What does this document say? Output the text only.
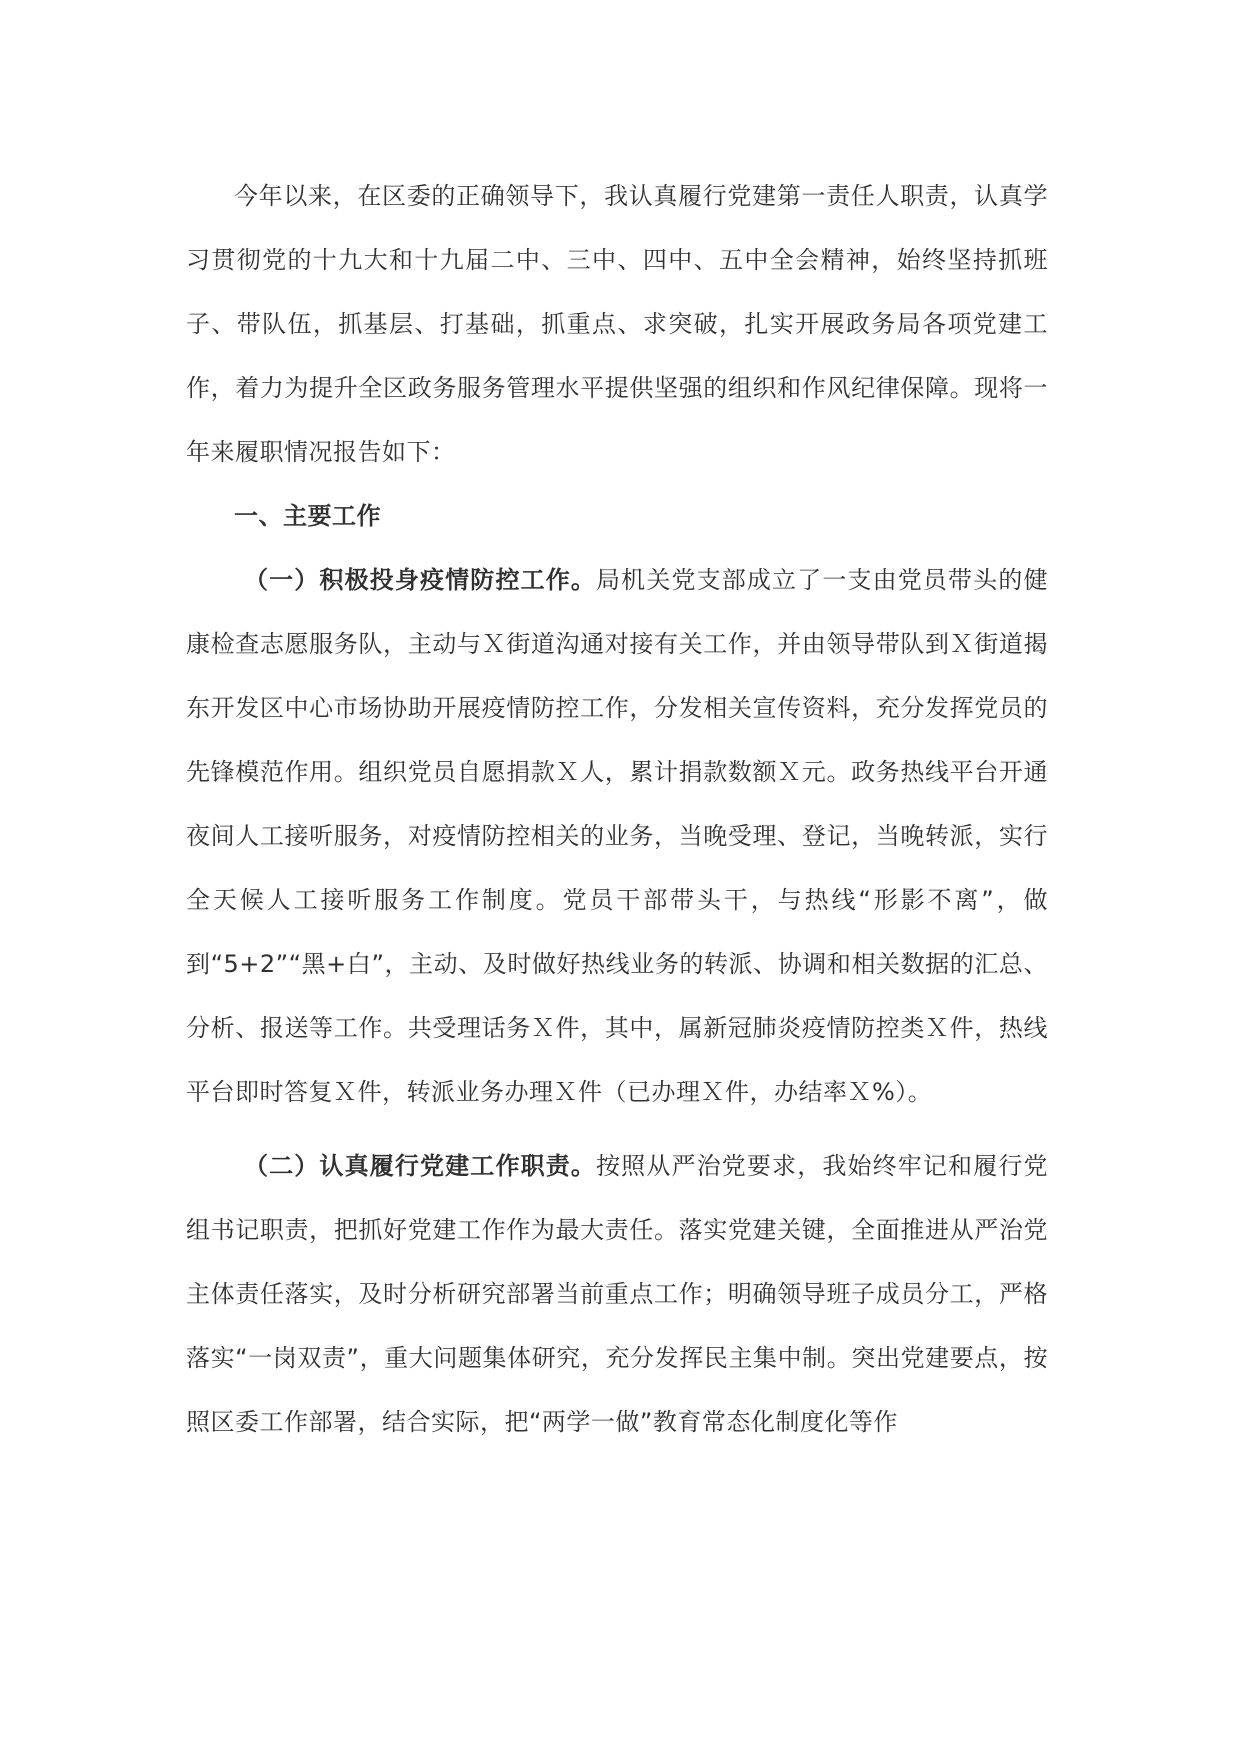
今年以来，在区委的正确领导下，我认真履行党建第一责任人职责，认真学习贯彻党的十九大和十九届二中、三中、四中、五中全会精神，始终坚持抓班子、带队伍，抓基层、打基础，抓重点、求突破，扎实开展政务局各项党建工作，着力为提升全区政务服务管理水平提供坚强的组织和作风纪律保障。现将一年来履职情况报告如下：

一、主要工作

（一）积极投身疫情防控工作。局机关党支部成立了一支由党员带头的健康检查志愿服务队，主动与Ｘ街道沟通对接有关工作，并由领导带队到Ｘ街道揭东开发区中心市场协助开展疫情防控工作，分发相关宣传资料，充分发挥党员的先锋模范作用。组织党员自愿捐款Ｘ人，累计捐款数额Ｘ元。政务热线平台开通夜间人工接听服务，对疫情防控相关的业务，当晚受理、登记，当晚转派，实行全天候人工接听服务工作制度。党员干部带头干，与热线“形影不离”，做到“5+2”“黑+白”，主动、及时做好热线业务的转派、协调和相关数据的汇总、分析、报送等工作。共受理话务Ｘ件，其中，属新冠肺炎疫情防控类Ｘ件，热线平台即时答复Ｘ件，转派业务办理Ｘ件（已办理Ｘ件，办结率Ｘ%）。

（二）认真履行党建工作职责。按照从严治党要求，我始终牢记和履行党组书记职责，把抓好党建工作作为最大责任。落实党建关键，全面推进从严治党主体责任落实，及时分析研究部署当前重点工作；明确领导班子成员分工，严格落实“一岗双责”，重大问题集体研究，充分发挥民主集中制。突出党建要点，按照区委工作部署，结合实际，把“两学一做”教育常态化制度化等作
